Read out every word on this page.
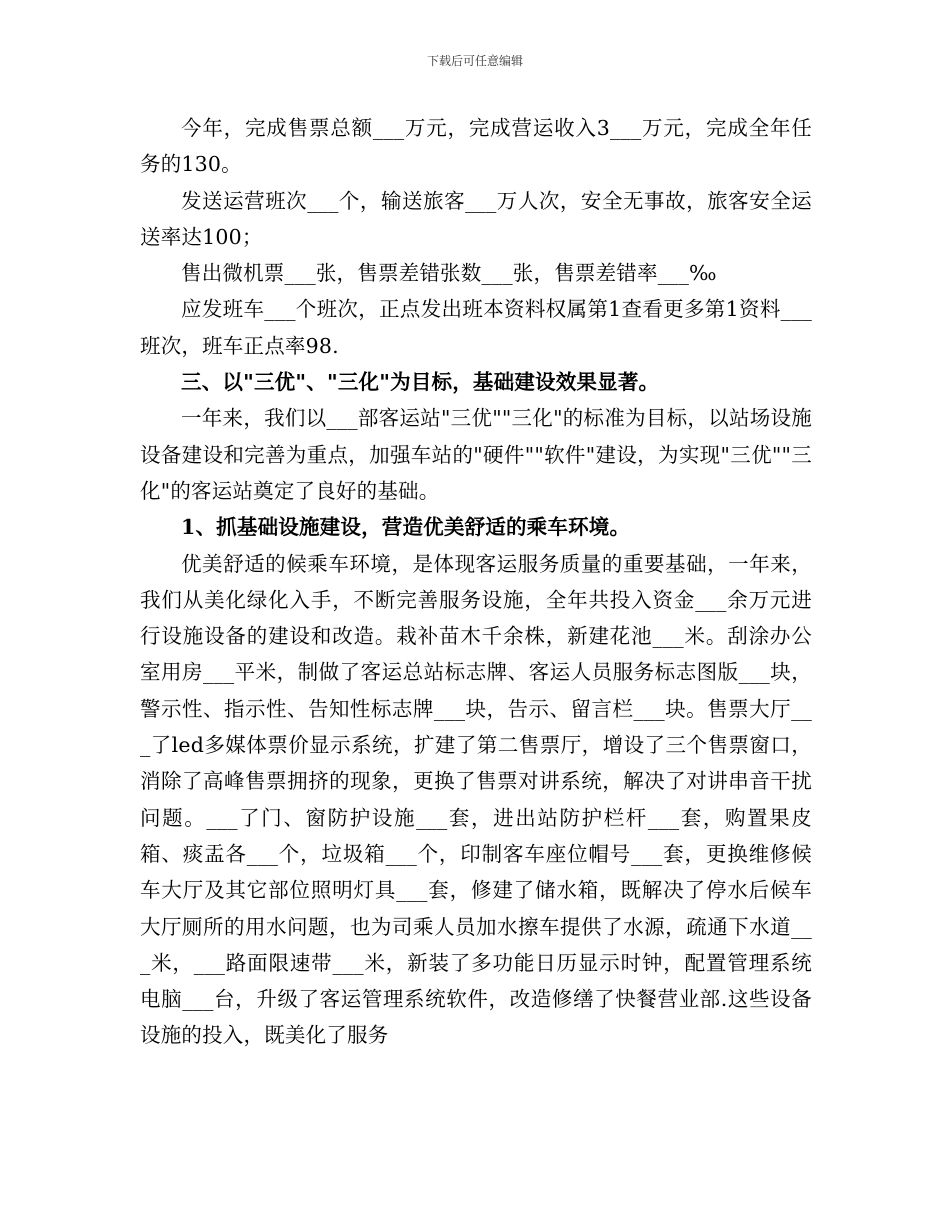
下载后可任意编辑

今年，完成售票总额___万元，完成营运收入3___万元，完成全年任务的130。

发送运营班次___个，输送旅客___万人次，安全无事故，旅客安全运送率达100；

售出微机票___张，售票差错张数___张，售票差错率___‰

应发班车___个班次，正点发出班本资料权属第1查看更多第1资料___班次，班车正点率98.

三、以"三优"、"三化"为目标，基础建设效果显著。

一年来，我们以___部客运站"三优""三化"的标准为目标，以站场设施设备建设和完善为重点，加强车站的"硬件""软件"建设，为实现"三优""三化"的客运站奠定了良好的基础。

1、抓基础设施建设，营造优美舒适的乘车环境。

优美舒适的候乘车环境，是体现客运服务质量的重要基础，一年来，我们从美化绿化入手，不断完善服务设施，全年共投入资金___余万元进行设施设备的建设和改造。栽补苗木千余株，新建花池___米。刮涂办公室用房___平米，制做了客运总站标志牌、客运人员服务标志图版___块，警示性、指示性、告知性标志牌___块，告示、留言栏___块。售票大厅___了led多媒体票价显示系统，扩建了第二售票厅，增设了三个售票窗口，消除了高峰售票拥挤的现象，更换了售票对讲系统，解决了对讲串音干扰问题。___了门、窗防护设施___套，进出站防护栏杆___套，购置果皮箱、痰盂各___个，垃圾箱___个，印制客车座位帽号___套，更换维修候车大厅及其它部位照明灯具___套，修建了储水箱，既解决了停水后候车大厅厕所的用水问题，也为司乘人员加水擦车提供了水源，疏通下水道___米，___路面限速带___米，新装了多功能日历显示时钟，配置管理系统电脑___台，升级了客运管理系统软件，改造修缮了快餐营业部.这些设备设施的投入，既美化了服务
